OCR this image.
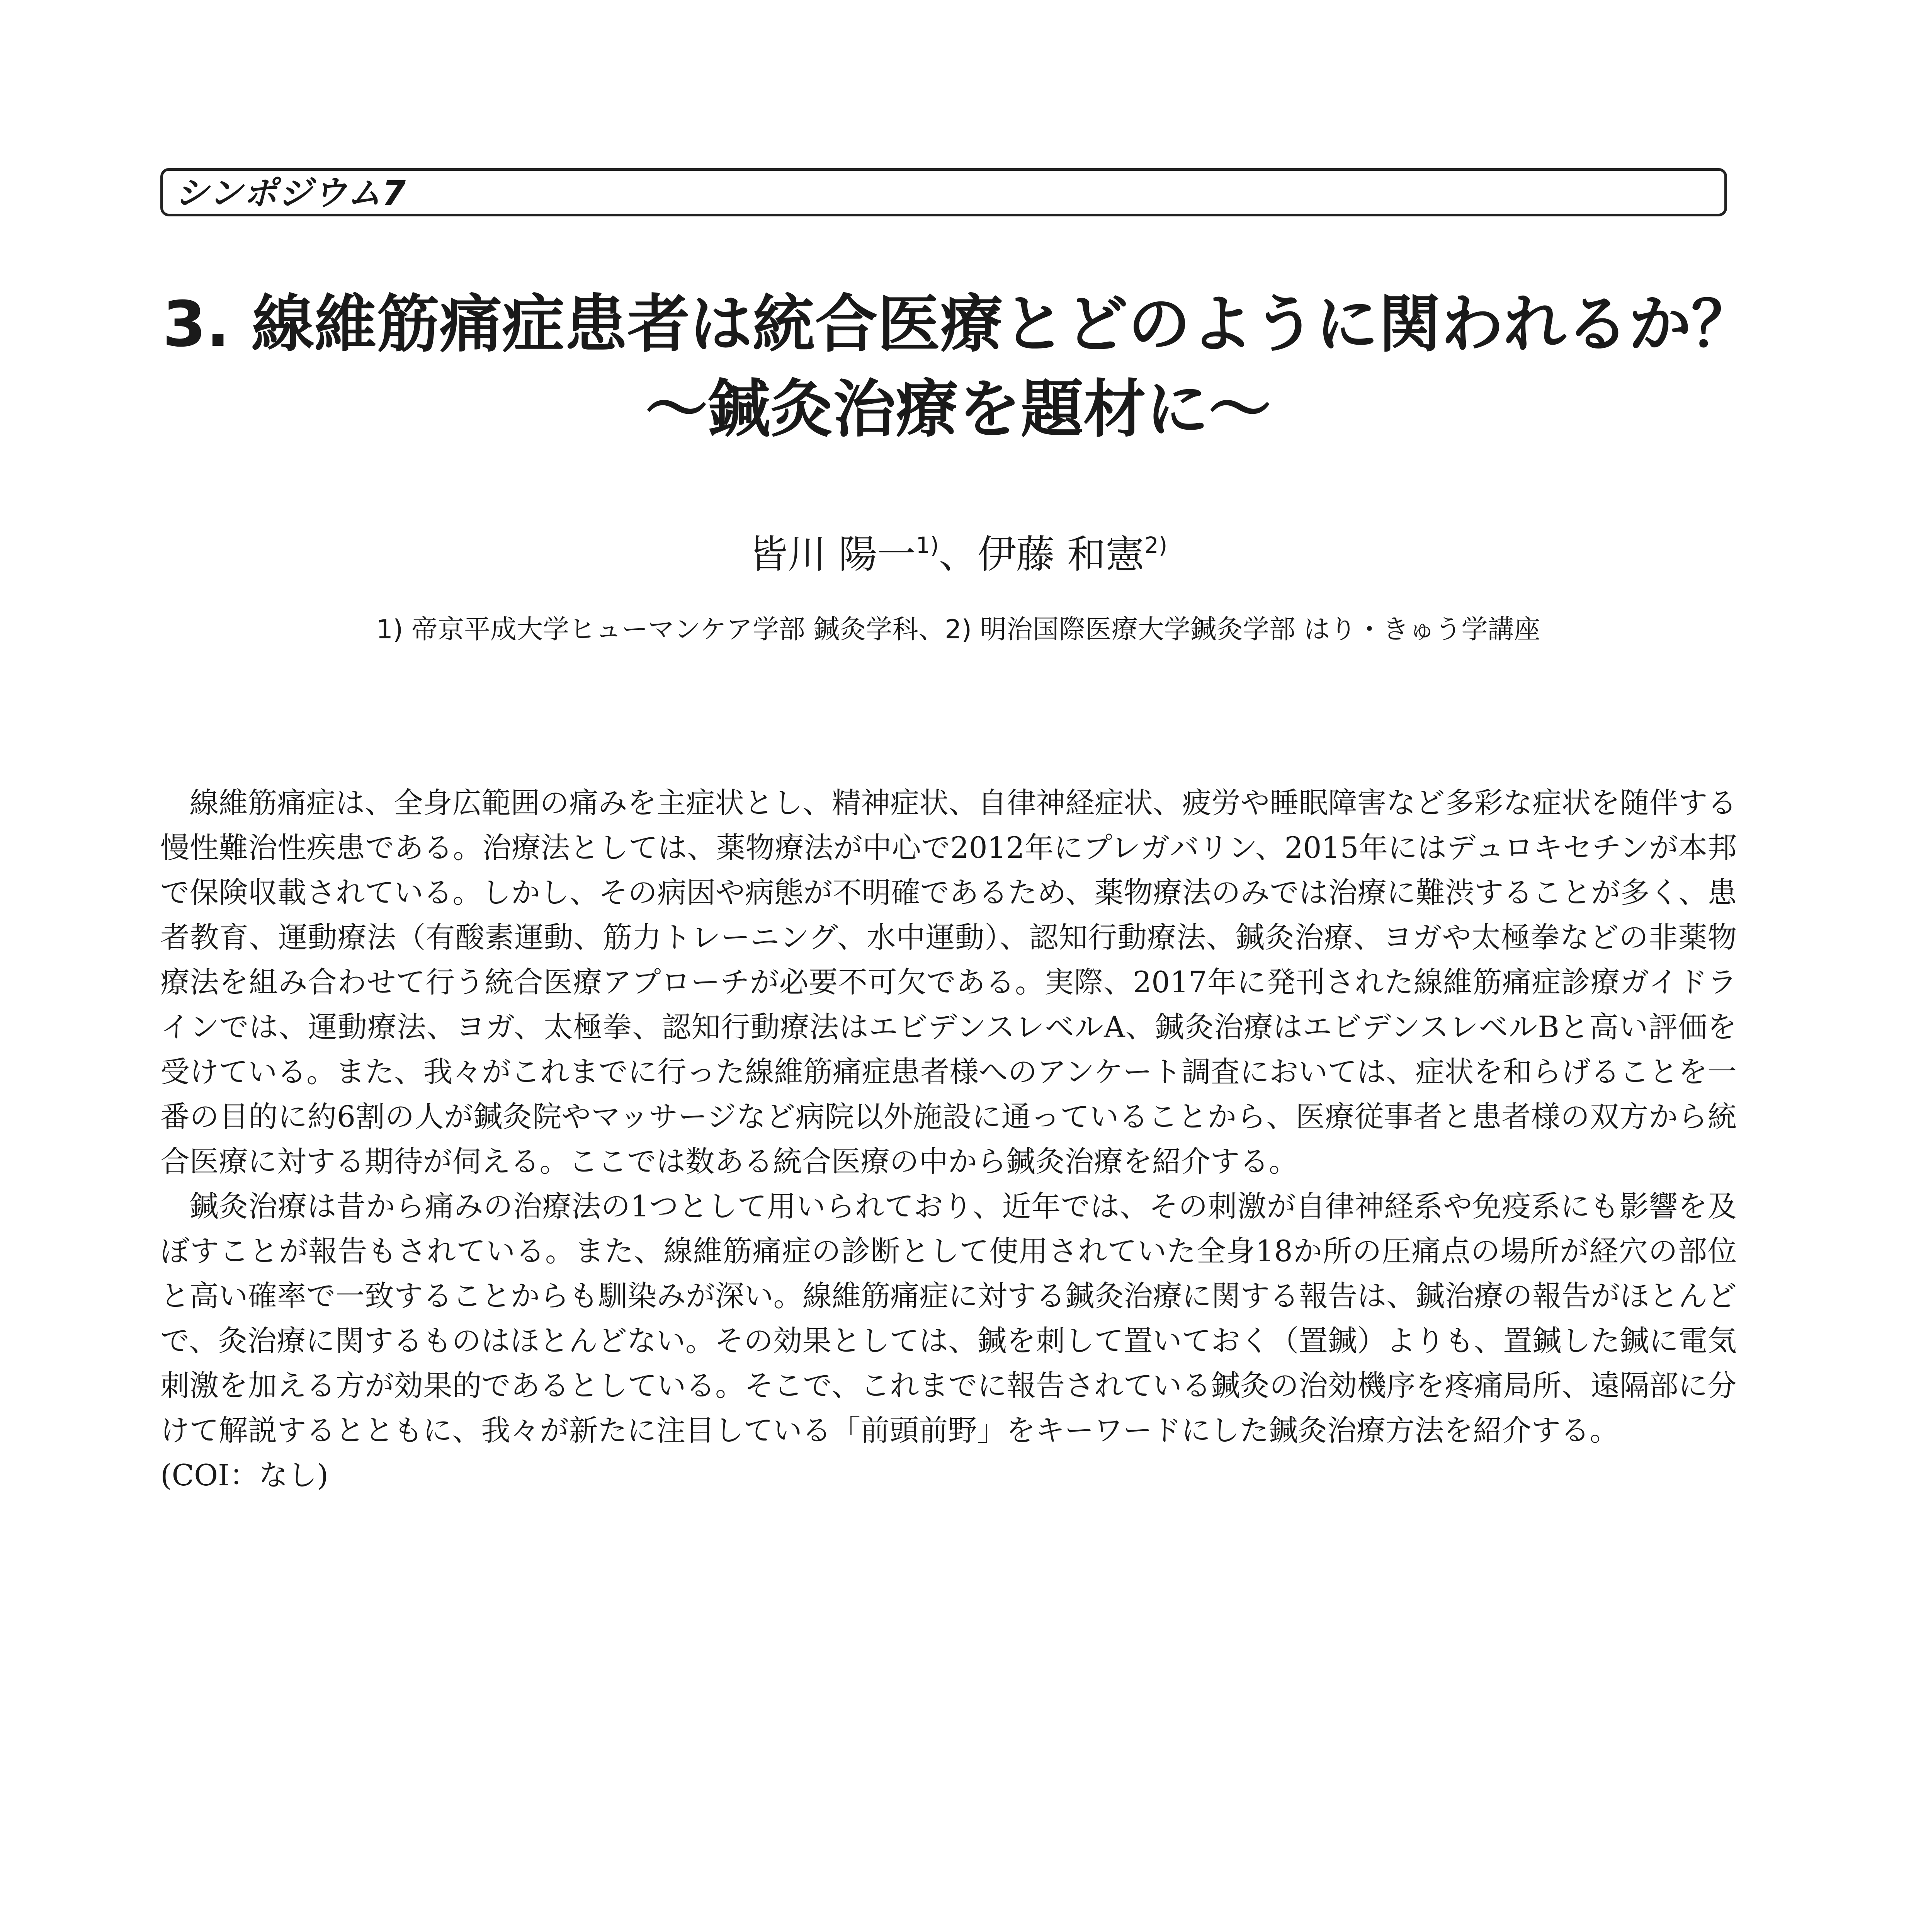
シンポジウム7
3. 線維筋痛症患者は統合医療とどのように関われるか？
〜鍼灸治療を題材に〜
皆川 陽一$^{1)}$、伊藤 和憲$^{2)}$
1) 帝京平成大学ヒューマンケア学部 鍼灸学科、2) 明治国際医療大学鍼灸学部 はり・きゅう学講座

線維筋痛症は、全身広範囲の痛みを主症状とし、精神症状、自律神経症状、疲労や睡眠障害など多彩な症状を随伴する慢性難治性疾患である。治療法としては、薬物療法が中心で2012年にプレガバリン、2015年にはデュロキセチンが本邦で保険収載されている。しかし、その病因や病態が不明確であるため、薬物療法のみでは治療に難渋することが多く、患者教育、運動療法（有酸素運動、筋力トレーニング、水中運動）、認知行動療法、鍼灸治療、ヨガや太極拳などの非薬物療法を組み合わせて行う統合医療アプローチが必要不可欠である。実際、2017年に発刊された線維筋痛症診療ガイドラインでは、運動療法、ヨガ、太極拳、認知行動療法はエビデンスレベルA、鍼灸治療はエビデンスレベルBと高い評価を受けている。また、我々がこれまでに行った線維筋痛症患者様へのアンケート調査においては、症状を和らげることを一番の目的に約6割の人が鍼灸院やマッサージなど病院以外施設に通っていることから、医療従事者と患者様の双方から統合医療に対する期待が伺える。ここでは数ある統合医療の中から鍼灸治療を紹介する。

鍼灸治療は昔から痛みの治療法の1つとして用いられており、近年では、その刺激が自律神経系や免疫系にも影響を及ぼすことが報告もされている。また、線維筋痛症の診断として使用されていた全身18か所の圧痛点の場所が経穴の部位と高い確率で一致することからも馴染みが深い。線維筋痛症に対する鍼灸治療に関する報告は、鍼治療の報告がほとんどで、灸治療に関するものはほとんどない。その効果としては、鍼を刺して置いておく（置鍼）よりも、置鍼した鍼に電気刺激を加える方が効果的であるとしている。そこで、これまでに報告されている鍼灸の治効機序を疼痛局所、遠隔部に分けて解説するとともに、我々が新たに注目している「前頭前野」をキーワードにした鍼灸治療方法を紹介する。

(COI：なし)
